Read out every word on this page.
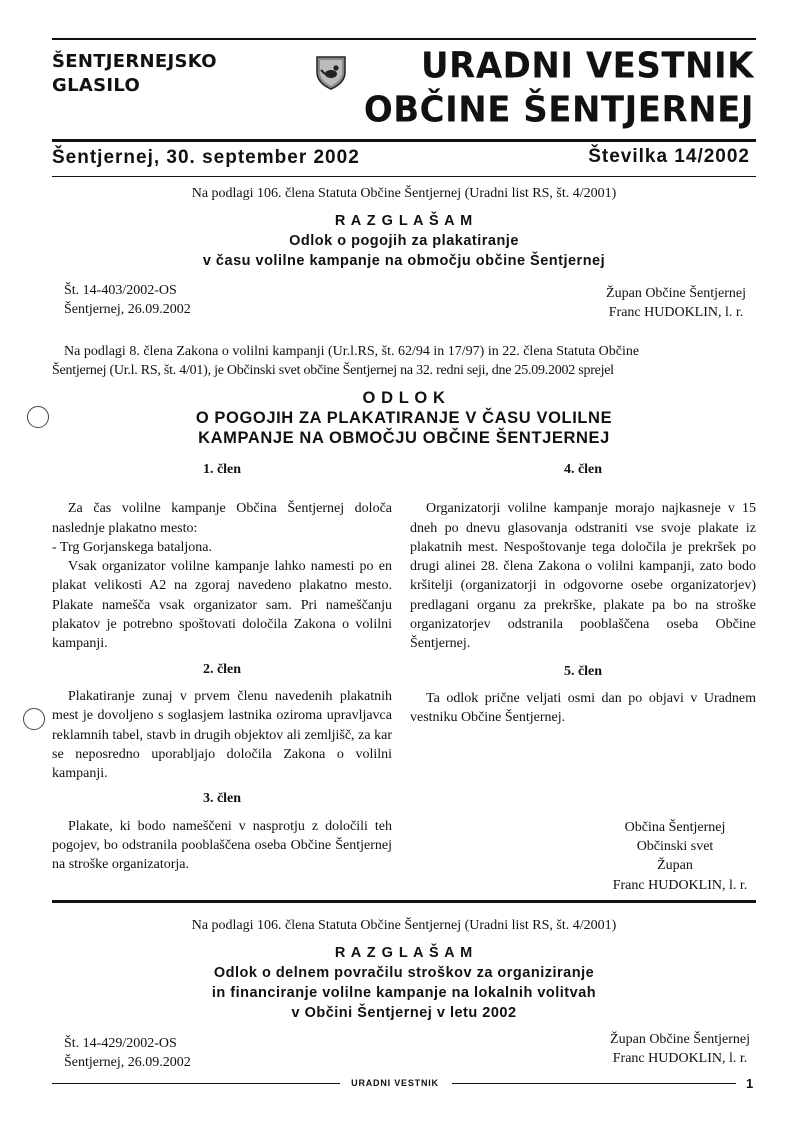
ŠENTJERNEJSKO
GLASILO	URADNI VESTNIK
OBČINE ŠENTJERNEJ
Šentjernej, 30. september 2002	Številka 14/2002
Na podlagi 106. člena Statuta Občine Šentjernej (Uradni list RS, št. 4/2001)
R A Z G L A Š A M
Odlok o pogojih za plakatiranje
v času volilne kampanje na območju občine Šentjernej
Št. 14-403/2002-OS
Šentjernej, 26.09.2002
Župan Občine Šentjernej
Franc HUDOKLIN, l. r.
Na podlagi 8. člena Zakona o volilni kampanji (Ur.l.RS, št. 62/94 in 17/97) in 22. člena Statuta Občine
Šentjernej (Ur.l. RS, št. 4/01), je Občinski svet občine Šentjernej na 32. redni seji, dne 25.09.2002 sprejel
O D L O K
O POGOJIH ZA PLAKATIRANJE V ČASU VOLILNE
KAMPANJE NA OBMOČJU OBČINE ŠENTJERNEJ
1. člen

Za čas volilne kampanje Občina Šentjernej določa naslednje plakatno mesto:

- Trg Gorjanskega bataljona.

Vsak organizator volilne kampanje lahko namesti po en plakat velikosti A2 na zgoraj navedeno plakatno mesto. Plakate namešča vsak organizator sam. Pri nameščanju plakatov je potrebno spoštovati določila Zakona o volilni kampanji.

2. člen

Plakatiranje zunaj v prvem členu navedenih plakatnih mest je dovoljeno s soglasjem lastnika oziroma upravljavca reklamnih tabel, stavb in drugih objektov ali zemljišč, za kar se neposredno uporabljajo določila Zakona o volilni kampanji.

3. člen

Plakate, ki bodo nameščeni v nasprotju z določili teh pogojev, bo odstranila pooblaščena oseba Občine Šentjernej na stroške organizatorja.

4. člen

Organizatorji volilne kampanje morajo najkasneje v 15 dneh po dnevu glasovanja odstraniti vse svoje plakate iz plakatnih mest. Nespoštovanje tega določila je prekršek po drugi alinei 28. člena Zakona o volilni kampanji, zato bodo kršitelji (organizatorji in odgovorne osebe organizatorjev) predlagani organu za prekrške, plakate pa bo na stroške organizatorjev odstranila pooblaščena oseba Občine Šentjernej.

5. člen

Ta odlok prične veljati osmi dan po objavi v Uradnem vestniku Občine Šentjernej.

Občina Šentjernej
Občinski svet
Župan
Franc HUDOKLIN, l. r.
Na podlagi 106. člena Statuta Občine Šentjernej (Uradni list RS, št. 4/2001)
R A Z G L A Š A M
Odlok o delnem povračilu stroškov za organiziranje
in financiranje volilne kampanje na lokalnih volitvah
v Občini Šentjernej v letu 2002
Št. 14-429/2002-OS
Šentjernej, 26.09.2002
Župan Občine Šentjernej
Franc HUDOKLIN, l. r.
URADNI VESTNIK	1
